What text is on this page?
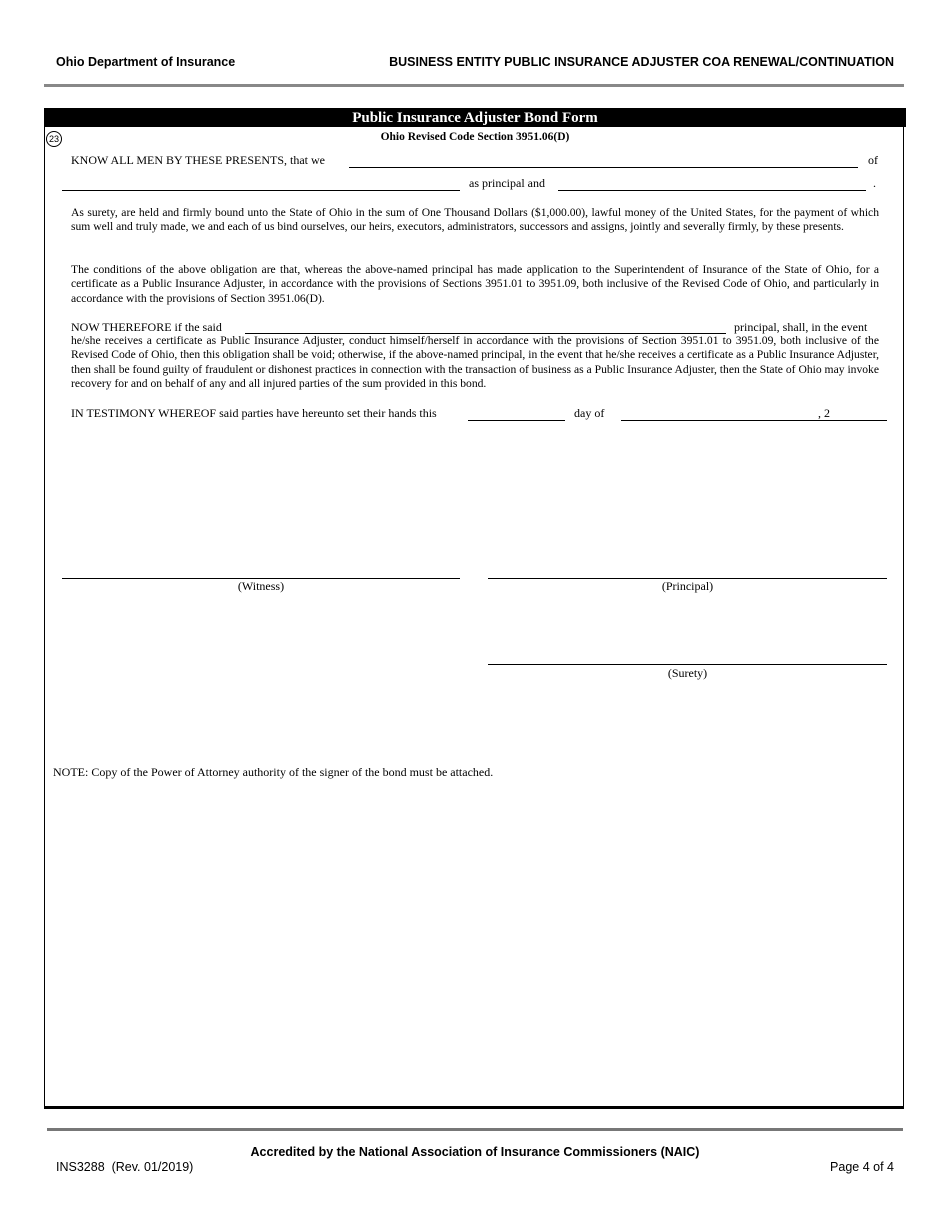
Ohio Department of Insurance	BUSINESS ENTITY PUBLIC INSURANCE ADJUSTER COA RENEWAL/CONTINUATION
Public Insurance Adjuster Bond Form
23	Ohio Revised Code Section 3951.06(D)
KNOW ALL MEN BY THESE PRESENTS, that we	of
as principal and	.
As surety, are held and firmly bound unto the State of Ohio in the sum of One Thousand Dollars ($1,000.00), lawful money of the United States, for the payment of which sum well and truly made, we and each of us bind ourselves, our heirs, executors, administrators, successors and assigns, jointly and severally firmly, by these presents.
The conditions of the above obligation are that, whereas the above-named principal has made application to the Superintendent of Insurance of the State of Ohio, for a certificate as a Public Insurance Adjuster, in accordance with the provisions of Sections 3951.01 to 3951.09, both inclusive of the Revised Code of Ohio, and particularly in accordance with the provisions of Section 3951.06(D).
NOW THEREFORE if the said	principal, shall, in the event
he/she receives a certificate as Public Insurance Adjuster, conduct himself/herself in accordance with the provisions of Section 3951.01 to 3951.09, both inclusive of the Revised Code of Ohio, then this obligation shall be void; otherwise, if the above-named principal, in the event that he/she receives a certificate as a Public Insurance Adjuster, then shall be found guilty of fraudulent or dishonest practices in connection with the transaction of business as a Public Insurance Adjuster, then the State of Ohio may invoke recovery for and on behalf of any and all injured parties of the sum provided in this bond.
IN TESTIMONY WHEREOF said parties have hereunto set their hands this	day of	, 2
(Witness)	(Principal)
(Surety)
NOTE: Copy of the Power of Attorney authority of the signer of the bond must be attached.
Accredited by the National Association of Insurance Commissioners (NAIC)
INS3288  (Rev. 01/2019)	Page 4 of 4
